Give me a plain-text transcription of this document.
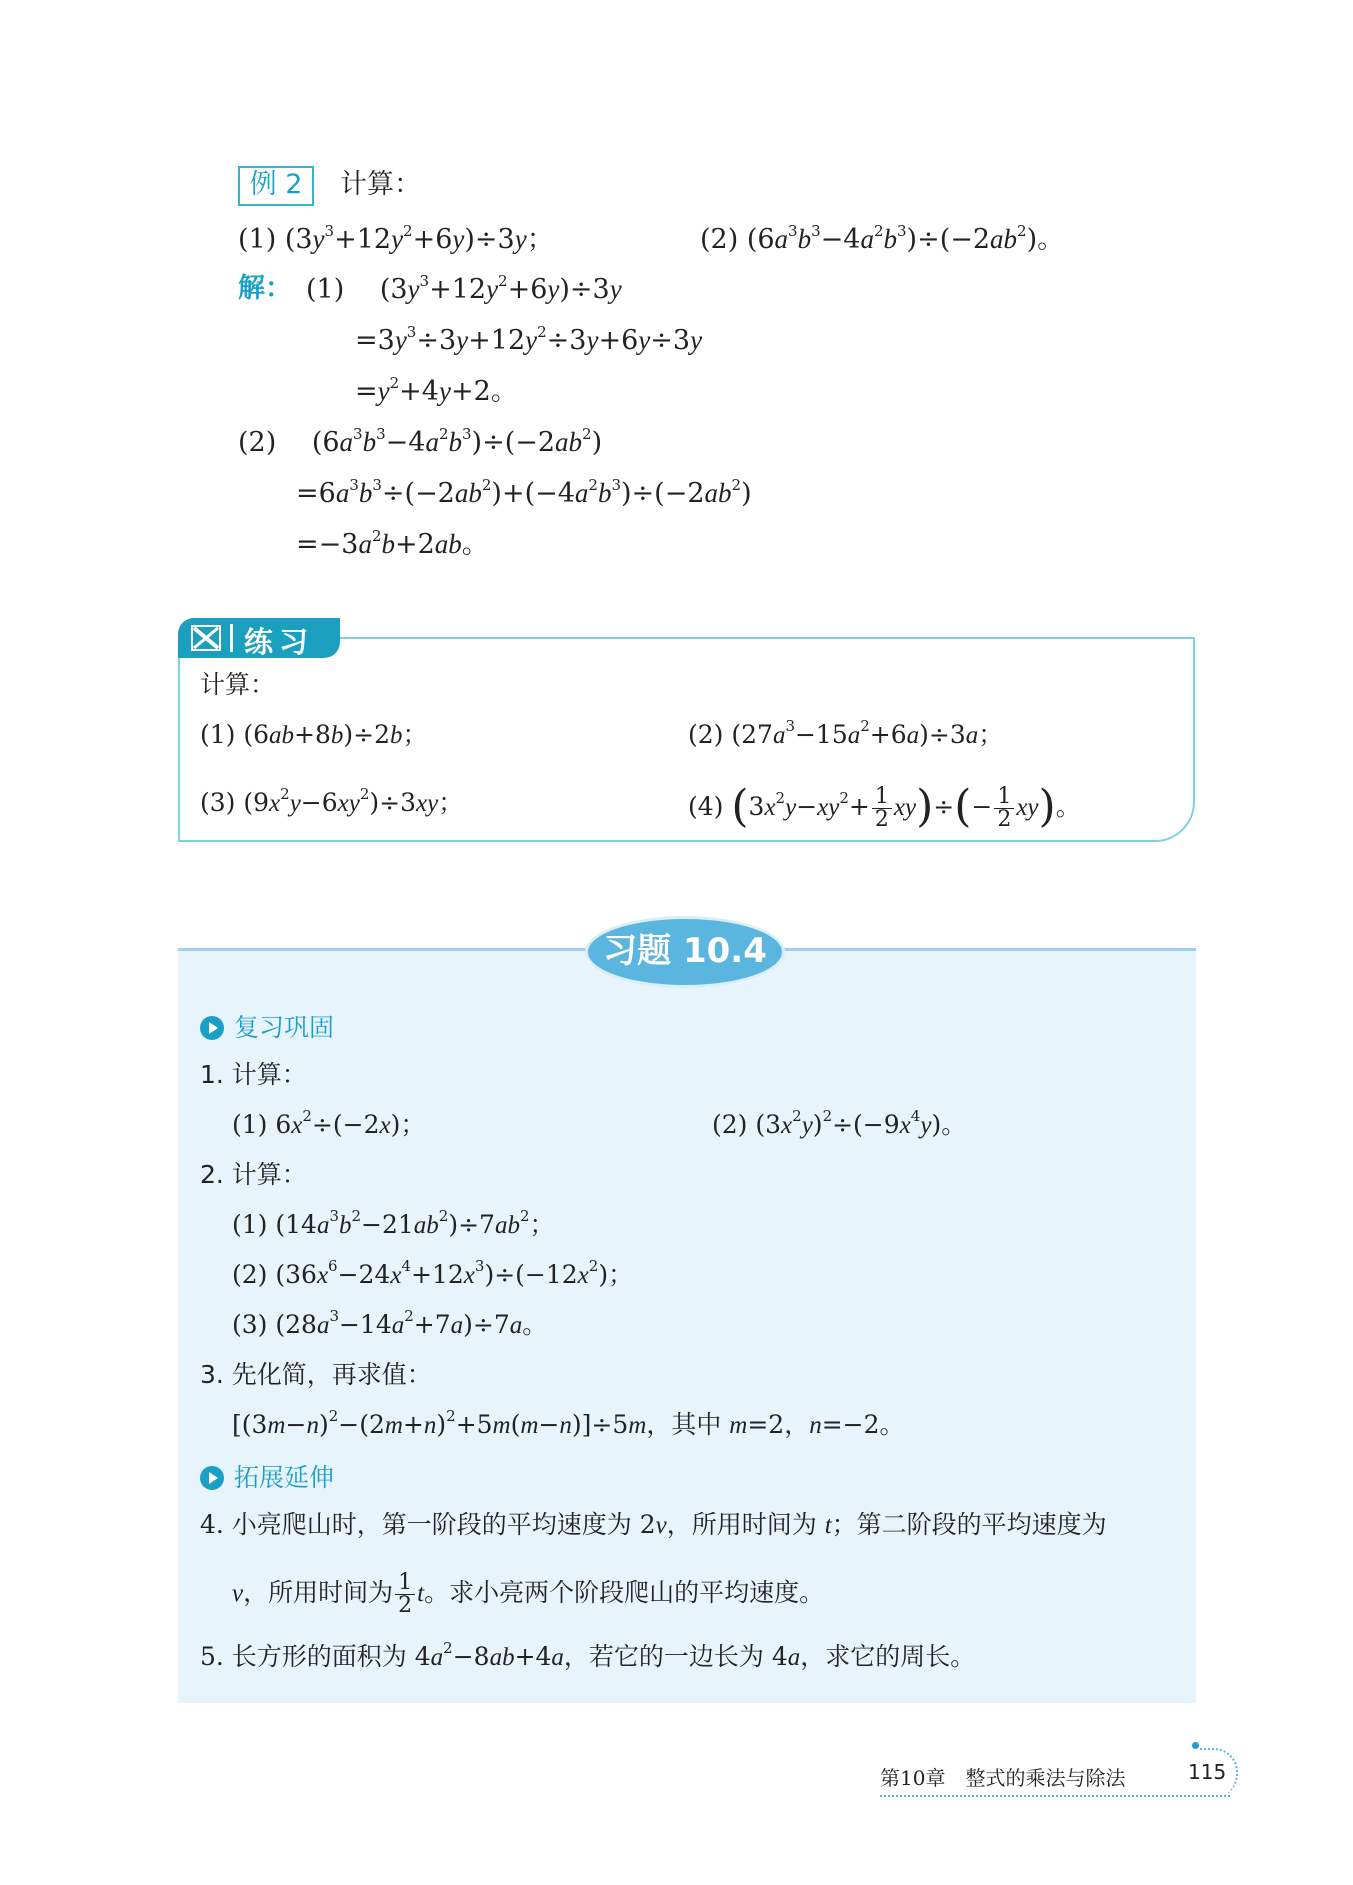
例 2	计算：
(1) $(3y^3+12y^2+6y)\div 3y$；	(2) $(6a^3b^3-4a^2b^3)\div(-2ab^2)$。
解： (1)　 $(3y^3+12y^2+6y)\div 3y$
$=3y^3\div 3y+12y^2\div 3y+6y\div 3y$
$=y^2+4y+2$。
(2)　 $(6a^3b^3-4a^2b^3)\div(-2ab^2)$
$=6a^3b^3\div(-2ab^2)+(-4a^2b^3)\div(-2ab^2)$
$=-3a^2b+2ab$。
练习
计算：
(1) (6ab+8b)÷2b；	(2) $(27a^3-15a^2+6a)\div 3a$；
(3) $(9x^2y-6xy^2)\div 3xy$；	(4) $(3x^2y-xy^2+ \frac{1}{2} xy)\div(- \frac{1}{2} xy)$。
习题 10.4
复习巩固
1. 计算：
(1) $6x^2\div(-2x)$；	(2) $(3x^2y)^2\div(-9x^4y)$。
2. 计算：
(1) $(14a^3b^2-21ab^2)\div 7ab^2$；
(2) $(36x^6-24x^4+12x^3)\div(-12x^2)$；
(3) $(28a^3-14a^2+7a)\div 7a$。
3. 先化简，再求值：
$[(3m-n)^2-(2m+n)^2+5m(m-n)]\div 5m$，其中 m=2，n=−2。
拓展延伸
4. 小亮爬山时，第一阶段的平均速度为 2v，所用时间为 t；第二阶段的平均速度为
v，所用时间为 $\frac{1}{2}$ t。求小亮两个阶段爬山的平均速度。
5. 长方形的面积为 $4a^2-8ab+4a$，若它的一边长为 4a，求它的周长。
第10章　整式的乘法与除法	115
